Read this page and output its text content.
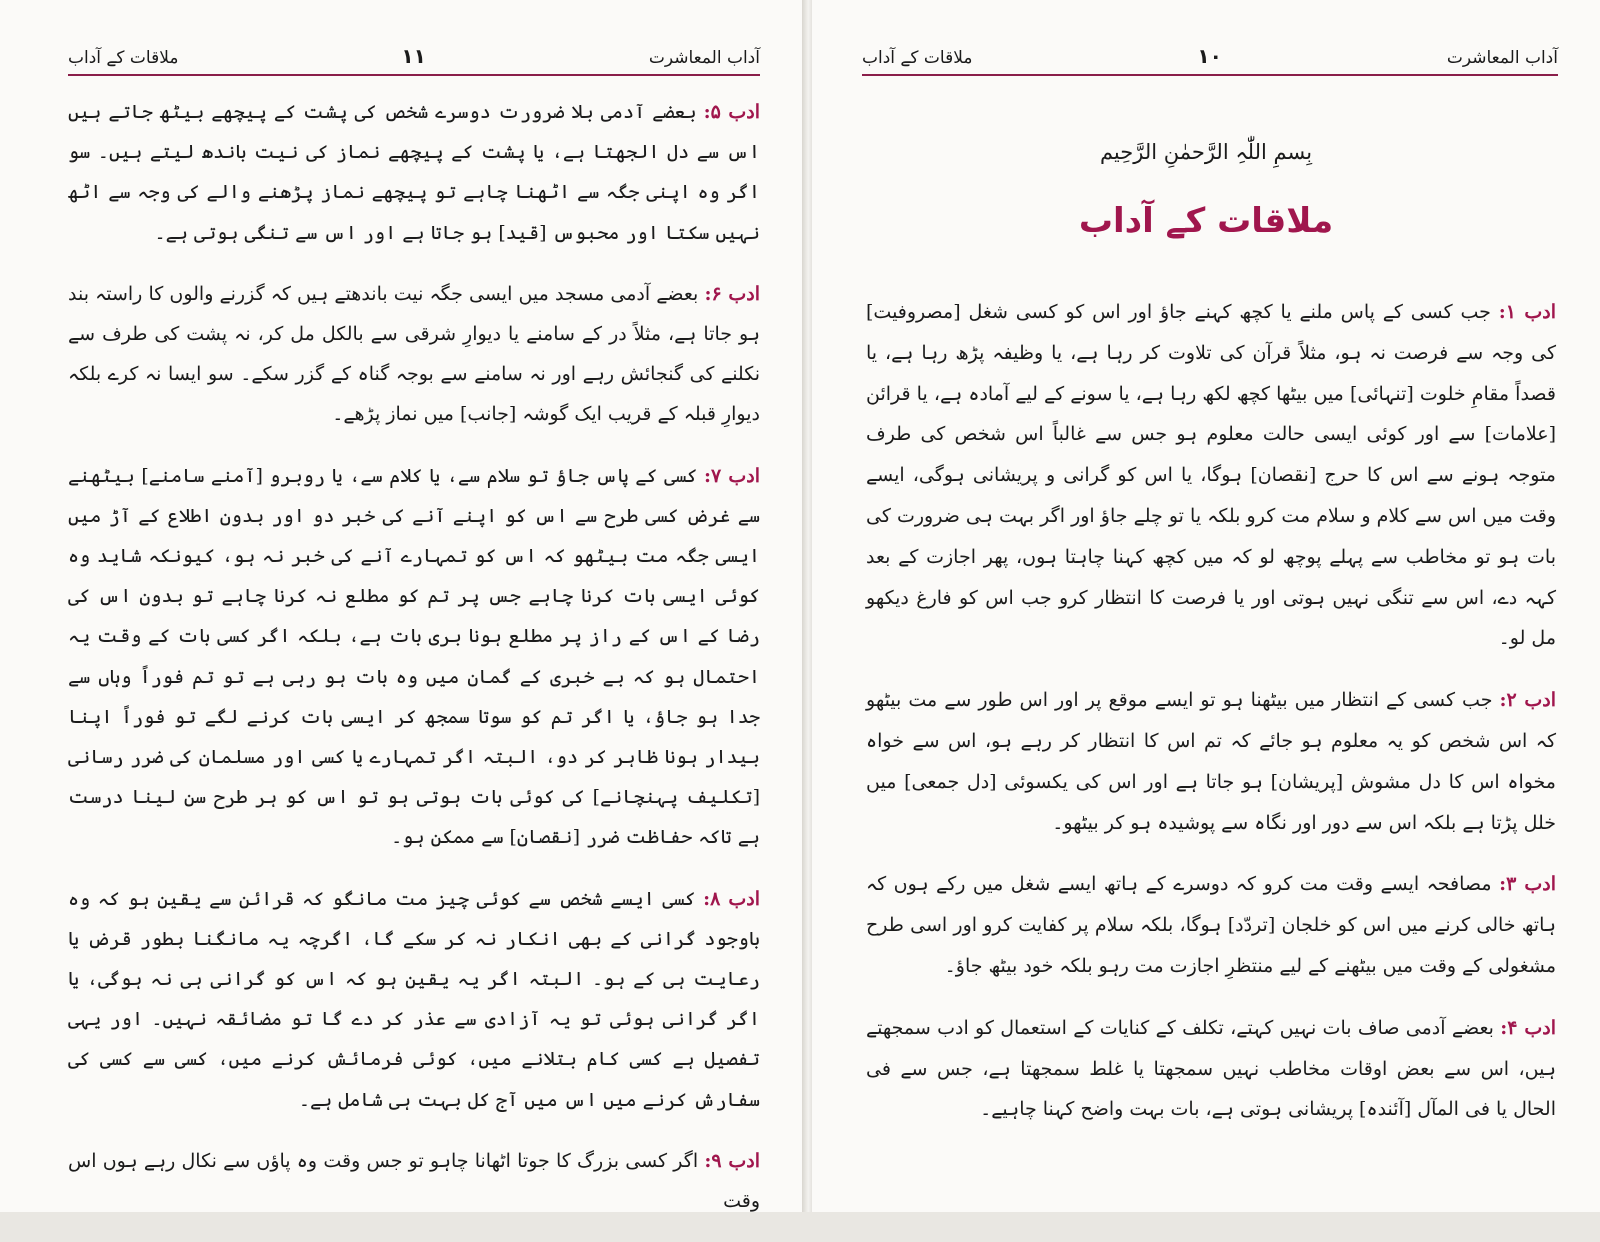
ملاقات کے آداب	۱۱	آداب المعاشرت

ادب ۵: بعضے آدمی بلا ضرورت دوسرے شخص کی پشت کے پیچھے بیٹھ جاتے ہیں اس سے دل الجھتا ہے، یا پشت کے پیچھے نماز کی نیت باندھ لیتے ہیں۔ سو اگر وہ اپنی جگہ سے اٹھنا چاہے تو پیچھے نماز پڑھنے والے کی وجہ سے اٹھ نہیں سکتا اور محبوس [قید] ہو جاتا ہے اور اس سے تنگی ہوتی ہے۔

ادب ۶: بعضے آدمی مسجد میں ایسی جگہ نیت باندھتے ہیں کہ گزرنے والوں کا راستہ بند ہو جاتا ہے، مثلاً در کے سامنے یا دیوارِ شرقی سے بالکل مل کر، نہ پشت کی طرف سے نکلنے کی گنجائش رہے اور نہ سامنے سے بوجہ گناہ کے گزر سکے۔ سو ایسا نہ کرے بلکہ دیوارِ قبلہ کے قریب ایک گوشہ [جانب] میں نماز پڑھے۔

ادب ۷: کسی کے پاس جاؤ تو سلام سے، یا کلام سے، یا روبرو [آمنے سامنے] بیٹھنے سے غرض کسی طرح سے اس کو اپنے آنے کی خبر دو اور بدون اطلاع کے آڑ میں ایسی جگہ مت بیٹھو کہ اس کو تمہارے آنے کی خبر نہ ہو، کیونکہ شاید وہ کوئی ایسی بات کرنا چاہے جس پر تم کو مطلع نہ کرنا چاہے تو بدون اس کی رضا کے اس کے راز پر مطلع ہونا بری بات ہے، بلکہ اگر کسی بات کے وقت یہ احتمال ہو کہ بے خبری کے گمان میں وہ بات ہو رہی ہے تو تم فوراً وہاں سے جدا ہو جاؤ، یا اگر تم کو سوتا سمجھ کر ایسی بات کرنے لگے تو فوراً اپنا بیدار ہونا ظاہر کر دو، البتہ اگر تمہارے یا کسی اور مسلمان کی ضرر رسانی [تکلیف پہنچانے] کی کوئی بات ہوتی ہو تو اس کو ہر طرح سن لینا درست ہے تاکہ حفاظت ضرر [نقصان] سے ممکن ہو۔

ادب ۸: کسی ایسے شخص سے کوئی چیز مت مانگو کہ قرائن سے یقین ہو کہ وہ باوجود گرانی کے بھی انکار نہ کر سکے گا، اگرچہ یہ مانگنا بطور قرض یا رعایت ہی کے ہو۔ البتہ اگر یہ یقین ہو کہ اس کو گرانی ہی نہ ہوگی، یا اگر گرانی ہوئی تو یہ آزادی سے عذر کر دے گا تو مضائقہ نہیں۔ اور یہی تفصیل ہے کسی کام بتلانے میں، کوئی فرمائش کرنے میں، کسی سے کسی کی سفارش کرنے میں اس میں آج کل بہت ہی شامل ہے۔

ادب ۹: اگر کسی بزرگ کا جوتا اٹھانا چاہو تو جس وقت وہ پاؤں سے نکال رہے ہوں اس وقت

ملاقات کے آداب	۱۰	آداب المعاشرت
بِسمِ اللّٰہِ الرَّحمٰنِ الرَّحِیم
ملاقات کے آداب

ادب ۱: جب کسی کے پاس ملنے یا کچھ کہنے جاؤ اور اس کو کسی شغل [مصروفیت] کی وجہ سے فرصت نہ ہو، مثلاً قرآن کی تلاوت کر رہا ہے، یا وظیفہ پڑھ رہا ہے، یا قصداً مقامِ خلوت [تنہائی] میں بیٹھا کچھ لکھ رہا ہے، یا سونے کے لیے آمادہ ہے، یا قرائن [علامات] سے اور کوئی ایسی حالت معلوم ہو جس سے غالباً اس شخص کی طرف متوجہ ہونے سے اس کا حرج [نقصان] ہوگا، یا اس کو گرانی و پریشانی ہوگی، ایسے وقت میں اس سے کلام و سلام مت کرو بلکہ یا تو چلے جاؤ اور اگر بہت ہی ضرورت کی بات ہو تو مخاطب سے پہلے پوچھ لو کہ میں کچھ کہنا چاہتا ہوں، پھر اجازت کے بعد کہہ دے، اس سے تنگی نہیں ہوتی اور یا فرصت کا انتظار کرو جب اس کو فارغ دیکھو مل لو۔

ادب ۲: جب کسی کے انتظار میں بیٹھنا ہو تو ایسے موقع پر اور اس طور سے مت بیٹھو کہ اس شخص کو یہ معلوم ہو جائے کہ تم اس کا انتظار کر رہے ہو، اس سے خواہ مخواہ اس کا دل مشوش [پریشان] ہو جاتا ہے اور اس کی یکسوئی [دل جمعی] میں خلل پڑتا ہے بلکہ اس سے دور اور نگاہ سے پوشیدہ ہو کر بیٹھو۔

ادب ۳: مصافحہ ایسے وقت مت کرو کہ دوسرے کے ہاتھ ایسے شغل میں رکے ہوں کہ ہاتھ خالی کرنے میں اس کو خلجان [تردّد] ہوگا، بلکہ سلام پر کفایت کرو اور اسی طرح مشغولی کے وقت میں بیٹھنے کے لیے منتظرِ اجازت مت رہو بلکہ خود بیٹھ جاؤ۔

ادب ۴: بعضے آدمی صاف بات نہیں کہتے، تکلف کے کنایات کے استعمال کو ادب سمجھتے ہیں، اس سے بعض اوقات مخاطب نہیں سمجھتا یا غلط سمجھتا ہے، جس سے فی الحال یا فی المآل [آئندہ] پریشانی ہوتی ہے، بات بہت واضح کہنا چاہیے۔
